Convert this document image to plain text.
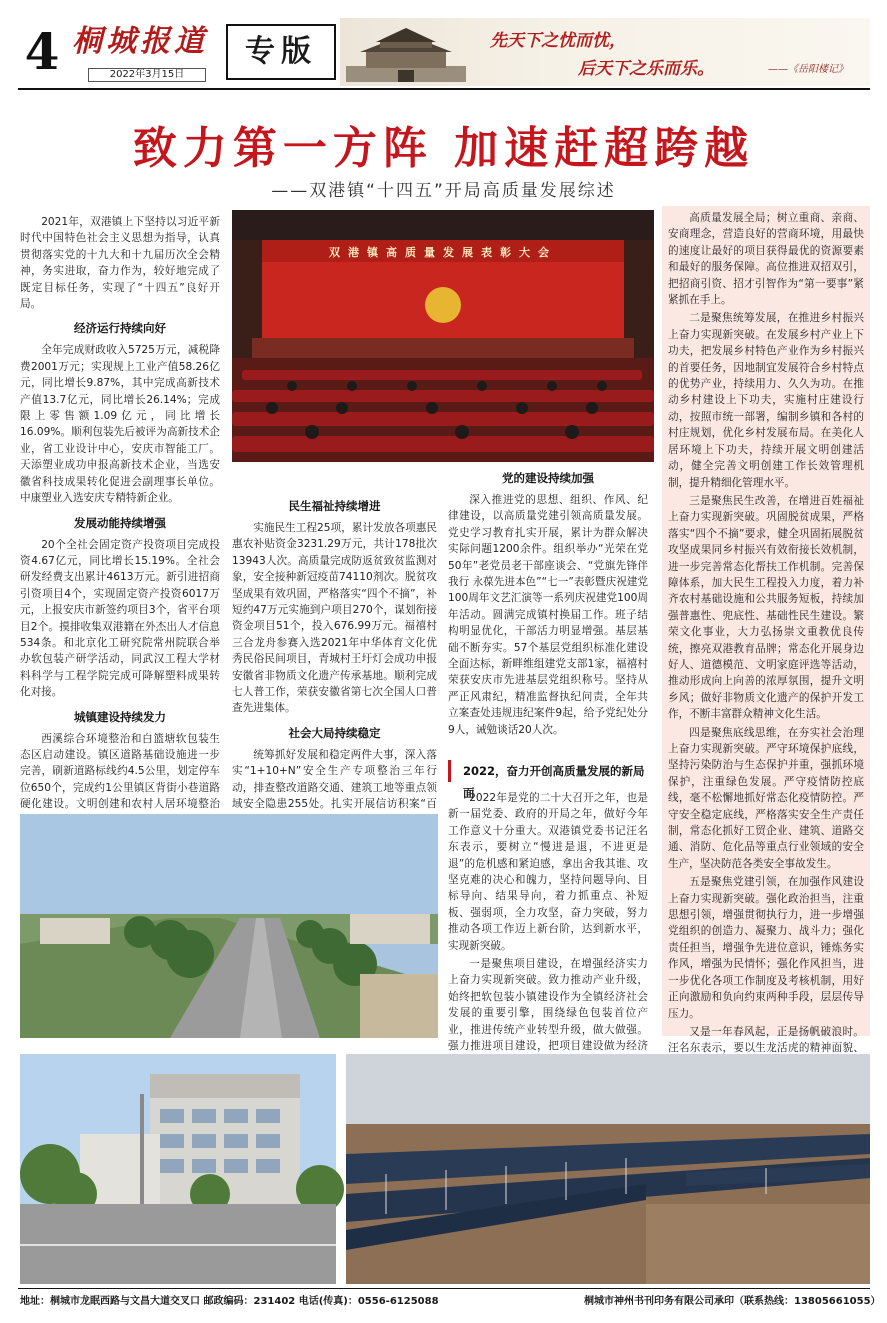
4 桐城报道
2022年3月15日
专版	先天下之忧而忧，
后天下之乐而乐。	——《岳阳楼记》
致力第一方阵 加速赶超跨越
——双港镇“十四五”开局高质量发展综述

2021年，双港镇上下坚持以习近平新时代中国特色社会主义思想为指导，认真贯彻落实党的十九大和十九届历次全会精神，务实进取，奋力作为，较好地完成了既定目标任务，实现了“十四五”良好开局。

经济运行持续向好

全年完成财政收入5725万元，减税降费2001万元；实现规上工业产值58.26亿元，同比增长9.87%，其中完成高新技术产值13.7亿元，同比增长26.14%；完成限上零售额1.09亿元，同比增长16.09%。顺利包装先后被评为高新技术企业，省工业设计中心，安庆市智能工厂。天添塑业成功申报高新技术企业，当选安徽省科技成果转化促进会副理事长单位。中康塑业入选安庆专精特新企业。

发展动能持续增强

20个全社会固定资产投资项目完成投资4.67亿元，同比增长15.19%。全社会研发经费支出累计4613万元。新引进招商引资项目4个，实现固定资产投资6017万元，上报安庆市新签约项目3个，省平台项目2个。摸排收集双港籍在外杰出人才信息534条。和北京化工研究院常州院联合举办软包装产研学活动，同武汉工程大学材料科学与工程学院完成可降解塑料成果转化对接。

城镇建设持续发力

西溪综合环境整治和白篮塘软包装生态区启动建设。镇区道路基础设施进一步完善，刷新道路标线约4.5公里，划定停车位650个，完成约1公里镇区背街小巷道路硬化建设。文明创建和农村人居环境整治

双港镇高质量发展表彰大会
民生福祉持续增进

实施民生工程25项，累计发放各项惠民惠农补贴资金3231.29万元，共计178批次13943人次。高质量完成防返贫致贫监测对象，安全接种新冠疫苗74110剂次。脱贫攻坚成果有效巩固，严格落实“四个不摘”，补短约47万元实施到户项目270个，谋划衔接资金项目51个，投入676.99万元。福禧村三合龙舟参赛入选2021年中华体育文化优秀民俗民间项目，青城村王圩灯会成功申报安徽省非物质文化遗产传承基地。顺利完成七人普工作，荣获安徽省第七次全国人口普查先进集体。

社会大局持续稳定

统筹抓好发展和稳定两件大事，深入落实“1+10+N”安全生产专项整治三年行动，排查整改道路交通、建筑工地等重点领域安全隐患255处。扎实开展信访积案“百

党的建设持续加强

深入推进党的思想、组织、作风、纪律建设，以高质量党建引领高质量发展。党史学习教育扎实开展，累计为群众解决实际问题1200余件。组织举办“光荣在党50年”老党员老干部座谈会、“党旗先锋伴我行 永葆先进本色”“七一”表彰暨庆祝建党100周年文艺汇演等一系列庆祝建党100周年活动。圆满完成镇村换届工作。班子结构明显优化，干部活力明显增强。基层基础不断夯实。57个基层党组织标准化建设全面达标，新畔维组建党支部1家，福禧村荣获安庆市先进基层党组织称号。坚持从严正风肃纪，精准监督执纪问责，全年共立案查处违规违纪案件9起，给予党纪处分9人，诫勉谈话20人次。

2022，奋力开创高质量发展的新局面

2022年是党的二十大召开之年，也是新一届党委、政府的开局之年，做好今年工作意义十分重大。双港镇党委书记汪名东表示，要树立“慢进是退，不进更是退”的危机感和紧迫感，拿出舍我其谁、攻坚克难的决心和魄力，坚持问题导向、目标导向、结果导向，着力抓重点、补短板、强弱项，全力攻坚，奋力突破，努力推动各项工作迈上新台阶，达到新水平，实现新突破。

一是聚焦项目建设，在增强经济实力上奋力实现新突破。致力推动产业升级，始终把软包装小镇建设作为全镇经济社会发展的重要引擎，围绕绿色包装首位产业，推进传统产业转型升级，做大做强。强力推进项目建设，把项目建设做为经济

高质量发展全局；树立重商、亲商、安商理念，营造良好的营商环境，用最快的速度让最好的项目获得最优的资源要素和最好的服务保障。高位推进双招双引，把招商引资、招才引智作为“第一要事”紧紧抓在手上。

二是聚焦统筹发展，在推进乡村振兴上奋力实现新突破。在发展乡村产业上下功夫，把发展乡村特色产业作为乡村振兴的首要任务，因地制宜发展符合乡村特点的优势产业，持续用力、久久为功。在推动乡村建设上下功夫，实施村庄建设行动，按照市统一部署，编制乡镇和各村的村庄规划，优化乡村发展布局。在美化人居环境上下功夫，持续开展文明创建活动，健全完善文明创建工作长效管理机制，提升精细化管理水平。

三是聚焦民生改善，在增进百姓福祉上奋力实现新突破。巩固脱贫成果，严格落实“四个不摘”要求，健全巩固拓展脱贫攻坚成果同乡村振兴有效衔接长效机制，进一步完善常态化帮扶工作机制。完善保障体系，加大民生工程投入力度，着力补齐农村基础设施和公共服务短板，持续加强普惠性、兜底性、基础性民生建设。繁荣文化事业，大力弘扬崇文重教优良传统，擦亮双港教育品牌；常态化开展身边好人、道德模范、文明家庭评选等活动，推动形成向上向善的浓厚氛围，提升文明乡风；做好非物质文化遗产的保护开发工作，不断丰富群众精神文化生活。

四是聚焦底线思维，在夯实社会治理上奋力实现新突破。严守环境保护底线，坚持污染防治与生态保护并重，强抓环境保护，注重绿色发展。严守疫情防控底线，毫不松懈地抓好常态化疫情防控。严守安全稳定底线，严格落实安全生产责任制，常态化抓好工贸企业、建筑、道路交通、消防、危化品等重点行业领域的安全生产，坚决防范各类安全事故发生。

五是聚焦党建引领，在加强作风建设上奋力实现新突破。强化政治担当，注重思想引领，增强贯彻执行力，进一步增强党组织的创造力、凝聚力、战斗力；强化责任担当，增强争先进位意识，锤炼务实作风，增强为民情怀；强化作风担当，进一步优化各项工作制度及考核机制，用好正向激励和负向约束两种手段，层层传导压力。

又是一年春风起，正是扬帆破浪时。汪名东表示，要以生龙活虎的精神面貌、

地址：桐城市龙眠西路与文昌大道交叉口 邮政编码：231402 电话(传真)：0556-6125088	桐城市神州书刊印务有限公司承印（联系热线：13805661055）
